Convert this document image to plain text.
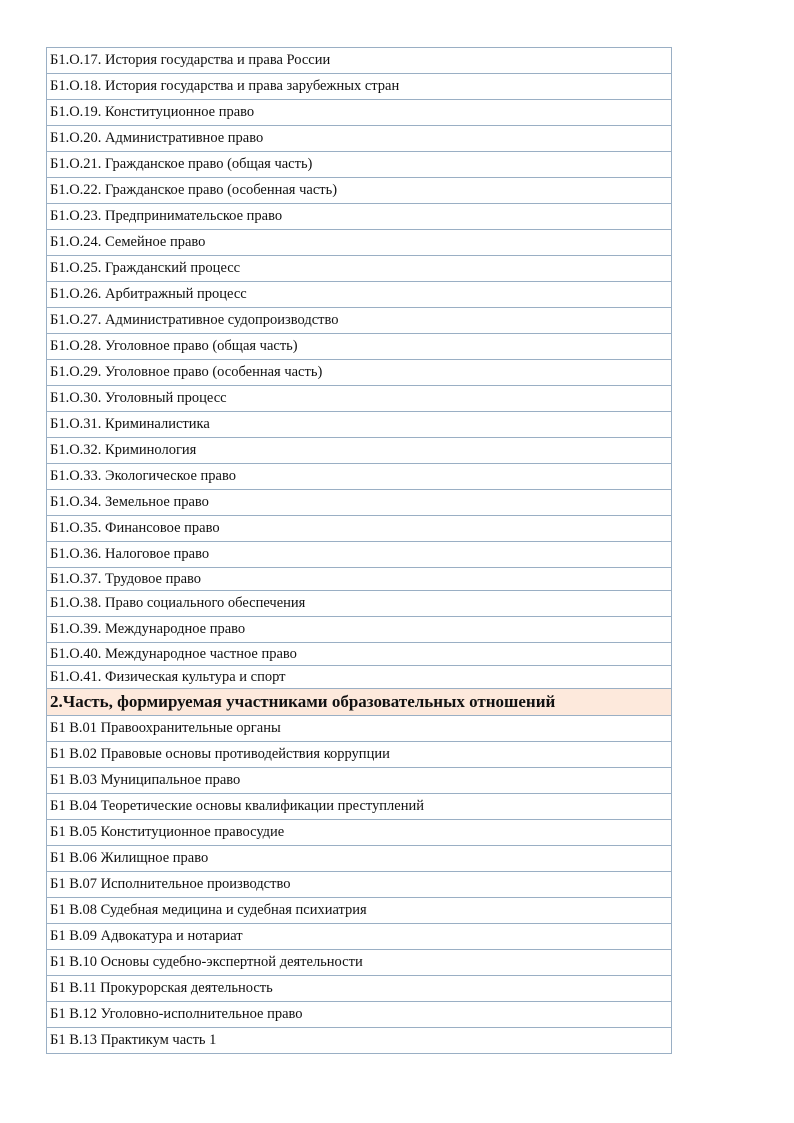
Б1.О.17. История государства и права России
Б1.О.18. История государства и права зарубежных стран
Б1.О.19. Конституционное право
Б1.О.20. Административное право
Б1.О.21. Гражданское право (общая часть)
Б1.О.22. Гражданское право (особенная часть)
Б1.О.23. Предпринимательское право
Б1.О.24. Семейное право
Б1.О.25. Гражданский процесс
Б1.О.26. Арбитражный процесс
Б1.О.27. Административное судопроизводство
Б1.О.28. Уголовное право (общая часть)
Б1.О.29. Уголовное право (особенная часть)
Б1.О.30. Уголовный процесс
Б1.О.31. Криминалистика
Б1.О.32. Криминология
Б1.О.33. Экологическое право
Б1.О.34. Земельное право
Б1.О.35. Финансовое право
Б1.О.36. Налоговое право
Б1.О.37. Трудовое право
Б1.О.38. Право социального обеспечения
Б1.О.39. Международное право
Б1.О.40. Международное частное право
Б1.О.41. Физическая культура и спорт
2.Часть, формируемая участниками образовательных отношений
Б1 В.01 Правоохранительные органы
Б1 В.02 Правовые основы противодействия коррупции
Б1 В.03 Муниципальное право
Б1 В.04 Теоретические основы квалификации преступлений
Б1 В.05 Конституционное правосудие
Б1 В.06 Жилищное право
Б1 В.07 Исполнительное производство
Б1 В.08 Судебная медицина и судебная психиатрия
Б1 В.09 Адвокатура и нотариат
Б1 В.10 Основы судебно-экспертной деятельности
Б1 В.11 Прокурорская деятельность
Б1 В.12 Уголовно-исполнительное право
Б1 В.13 Практикум часть 1
